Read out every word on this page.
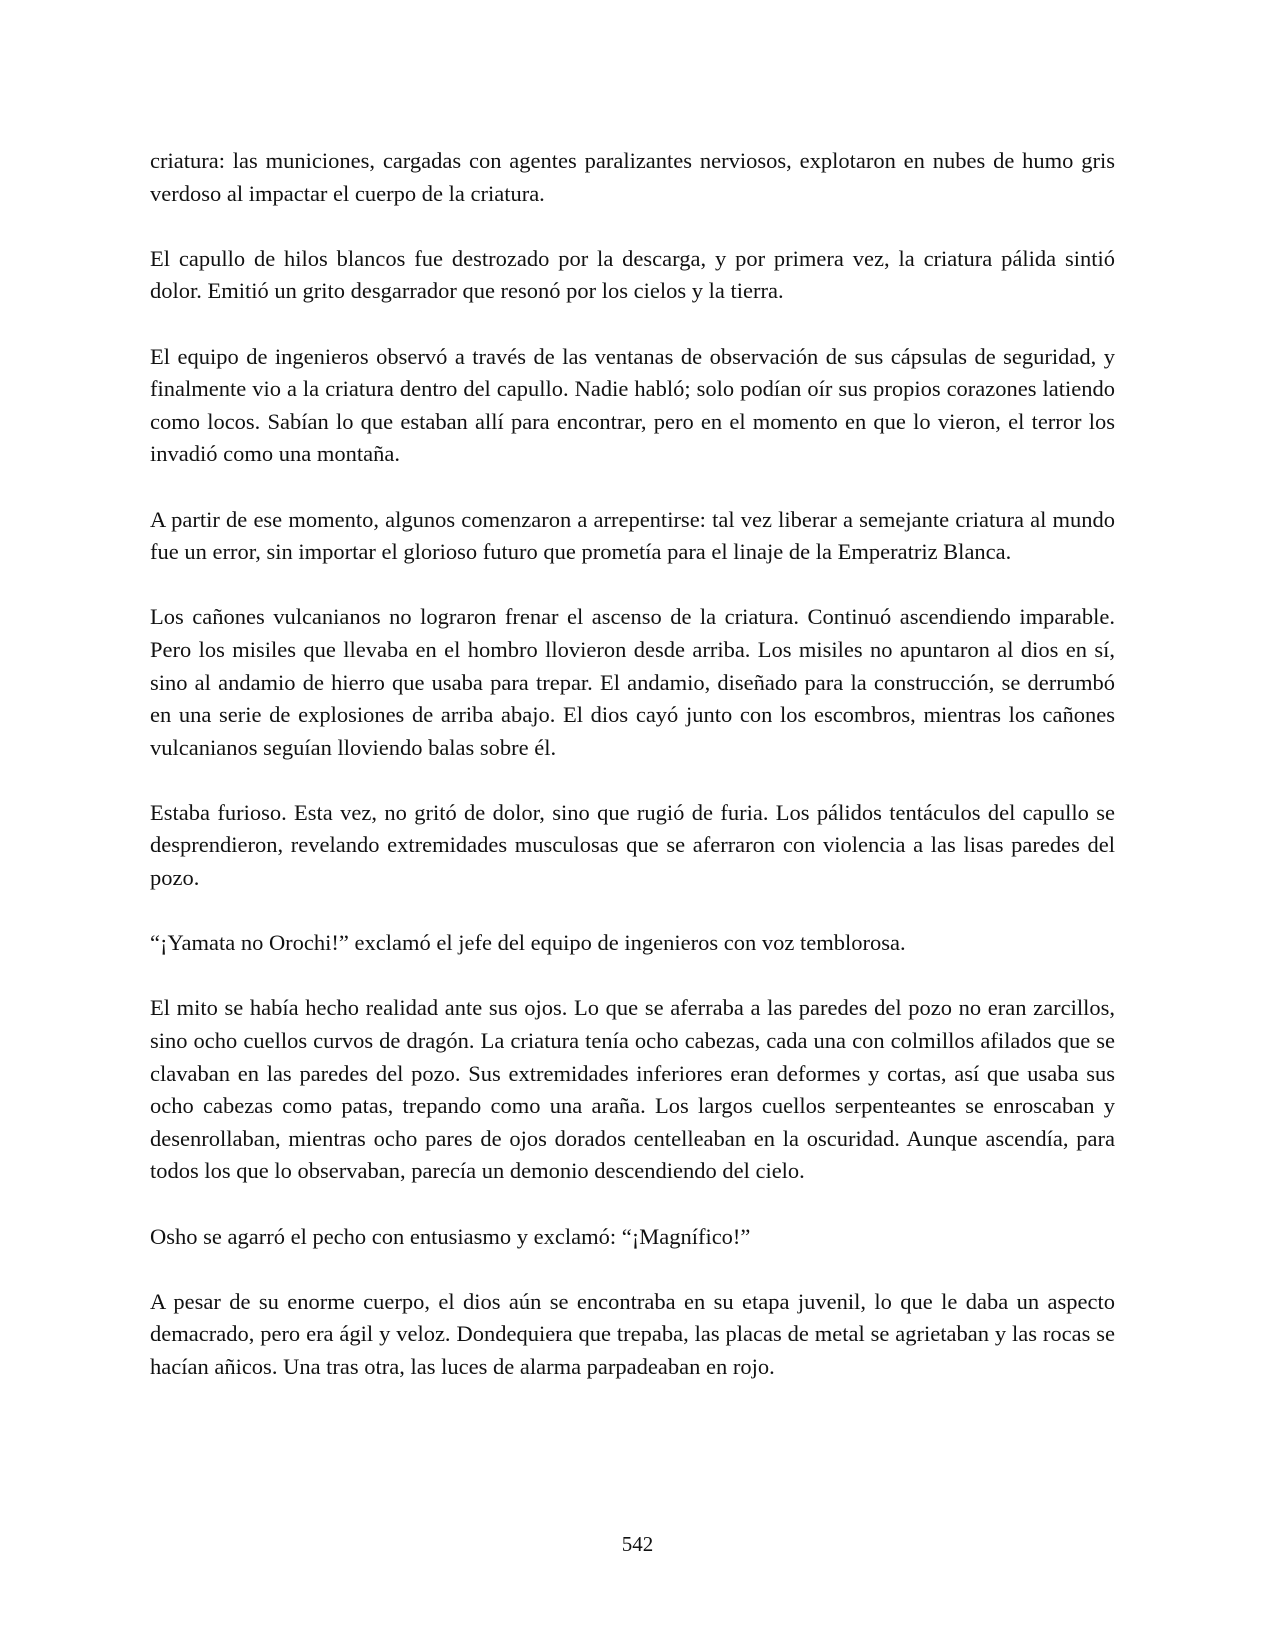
criatura: las municiones, cargadas con agentes paralizantes nerviosos, explotaron en nubes de humo gris verdoso al impactar el cuerpo de la criatura.

El capullo de hilos blancos fue destrozado por la descarga, y por primera vez, la criatura pálida sintió dolor. Emitió un grito desgarrador que resonó por los cielos y la tierra.

El equipo de ingenieros observó a través de las ventanas de observación de sus cápsulas de seguridad, y finalmente vio a la criatura dentro del capullo. Nadie habló; solo podían oír sus propios corazones latiendo como locos. Sabían lo que estaban allí para encontrar, pero en el momento en que lo vieron, el terror los invadió como una montaña.

A partir de ese momento, algunos comenzaron a arrepentirse: tal vez liberar a semejante criatura al mundo fue un error, sin importar el glorioso futuro que prometía para el linaje de la Emperatriz Blanca.

Los cañones vulcanianos no lograron frenar el ascenso de la criatura. Continuó ascendiendo imparable. Pero los misiles que llevaba en el hombro llovieron desde arriba. Los misiles no apuntaron al dios en sí, sino al andamio de hierro que usaba para trepar. El andamio, diseñado para la construcción, se derrumbó en una serie de explosiones de arriba abajo. El dios cayó junto con los escombros, mientras los cañones vulcanianos seguían lloviendo balas sobre él.

Estaba furioso. Esta vez, no gritó de dolor, sino que rugió de furia. Los pálidos tentáculos del capullo se desprendieron, revelando extremidades musculosas que se aferraron con violencia a las lisas paredes del pozo.

“¡Yamata no Orochi!” exclamó el jefe del equipo de ingenieros con voz temblorosa.

El mito se había hecho realidad ante sus ojos. Lo que se aferraba a las paredes del pozo no eran zarcillos, sino ocho cuellos curvos de dragón. La criatura tenía ocho cabezas, cada una con colmillos afilados que se clavaban en las paredes del pozo. Sus extremidades inferiores eran deformes y cortas, así que usaba sus ocho cabezas como patas, trepando como una araña. Los largos cuellos serpenteantes se enroscaban y desenrollaban, mientras ocho pares de ojos dorados centelleaban en la oscuridad. Aunque ascendía, para todos los que lo observaban, parecía un demonio descendiendo del cielo.

Osho se agarró el pecho con entusiasmo y exclamó: “¡Magnífico!”

A pesar de su enorme cuerpo, el dios aún se encontraba en su etapa juvenil, lo que le daba un aspecto demacrado, pero era ágil y veloz. Dondequiera que trepaba, las placas de metal se agrietaban y las rocas se hacían añicos. Una tras otra, las luces de alarma parpadeaban en rojo.

542
